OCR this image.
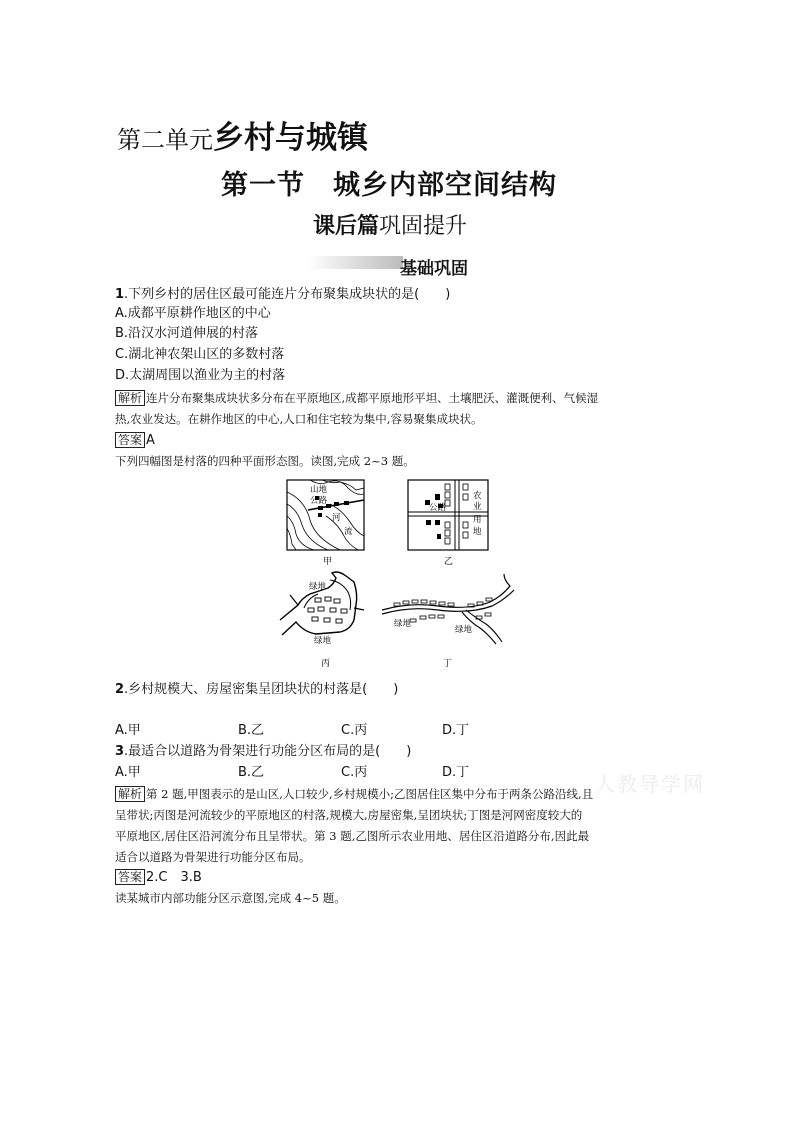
第二单元乡村与城镇
第一节　城乡内部空间结构
课后篇巩固提升
基础巩固
1.下列乡村的居住区最可能连片分布聚集成块状的是(　　)
A.成都平原耕作地区的中心
B.沿汉水河道伸展的村落
C.湖北神农架山区的多数村落
D.太湖周围以渔业为主的村落
解析 连片分布聚集成块状多分布在平原地区,成都平原地形平坦、土壤肥沃、灌溉便利、气候湿
热,农业发达。在耕作地区的中心,人口和住宅较为集中,容易聚集成块状。
答案 A
下列四幅图是村落的四种平面形态图。读图,完成 2~3 题。
山地
公路
河
流
甲
公路
农
业
用
地
乙
绿地
绿地
丙
绿地
绿地
丁
2.乡村规模大、房屋密集呈团块状的村落是(　　)
A.甲	B.乙	C.丙	D.丁
3.最适合以道路为骨架进行功能分区布局的是(　　)
A.甲	B.乙	C.丙	D.丁	人教导学网
解析 第 2 题,甲图表示的是山区,人口较少,乡村规模小;乙图居住区集中分布于两条公路沿线,且
呈带状;丙图是河流较少的平原地区的村落,规模大,房屋密集,呈团块状;丁图是河网密度较大的
平原地区,居住区沿河流分布且呈带状。第 3 题,乙图所示农业用地、居住区沿道路分布,因此最
适合以道路为骨架进行功能分区布局。
答案 2.C　3.B
读某城市内部功能分区示意图,完成 4~5 题。
